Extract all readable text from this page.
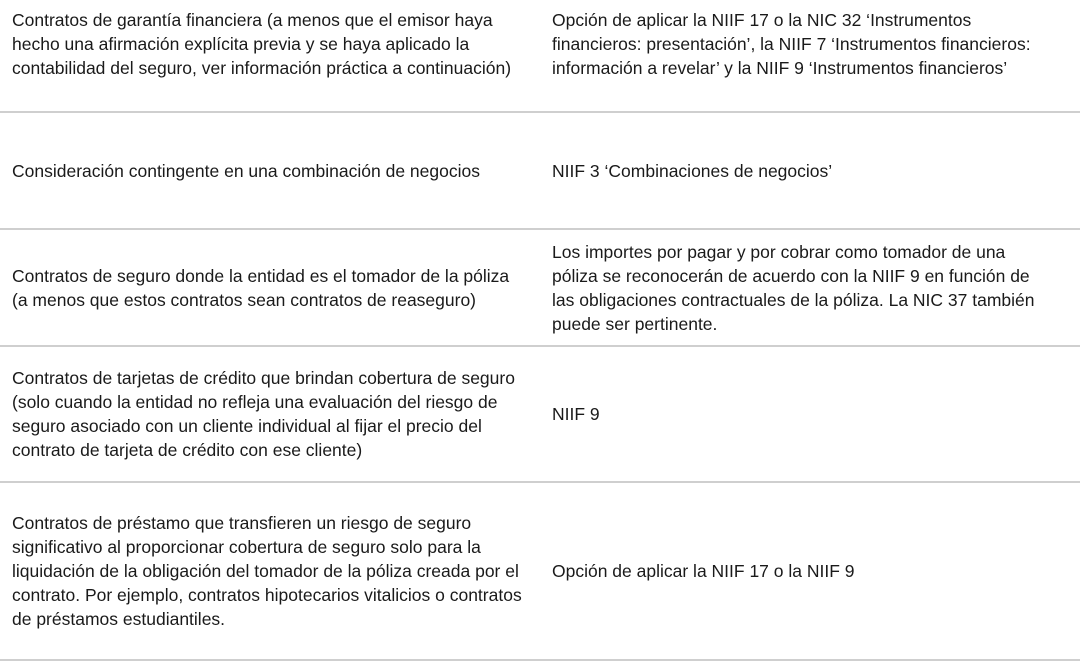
Contratos de garantía financiera (a menos que el emisor haya hecho una afirmación explícita previa y se haya aplicado la contabilidad del seguro, ver información práctica a continuación)
Opción de aplicar la NIIF 17 o la NIC 32 ‘Instrumentos financieros: presentación’, la NIIF 7 ‘Instrumentos financieros: información a revelar’ y la NIIF 9 ‘Instrumentos financieros’
Consideración contingente en una combinación de negocios	NIIF 3 ‘Combinaciones de negocios’
Contratos de seguro donde la entidad es el tomador de la póliza (a menos que estos contratos sean contratos de reaseguro)
Los importes por pagar y por cobrar como tomador de una póliza se reconocerán de acuerdo con la NIIF 9 en función de las obligaciones contractuales de la póliza. La NIC 37 también puede ser pertinente.
Contratos de tarjetas de crédito que brindan cobertura de seguro (solo cuando la entidad no refleja una evaluación del riesgo de seguro asociado con un cliente individual al fijar el precio del contrato de tarjeta de crédito con ese cliente)
NIIF 9
Contratos de préstamo que transfieren un riesgo de seguro significativo al proporcionar cobertura de seguro solo para la liquidación de la obligación del tomador de la póliza creada por el contrato. Por ejemplo, contratos hipotecarios vitalicios o contratos de préstamos estudiantiles.
Opción de aplicar la NIIF 17 o la NIIF 9
